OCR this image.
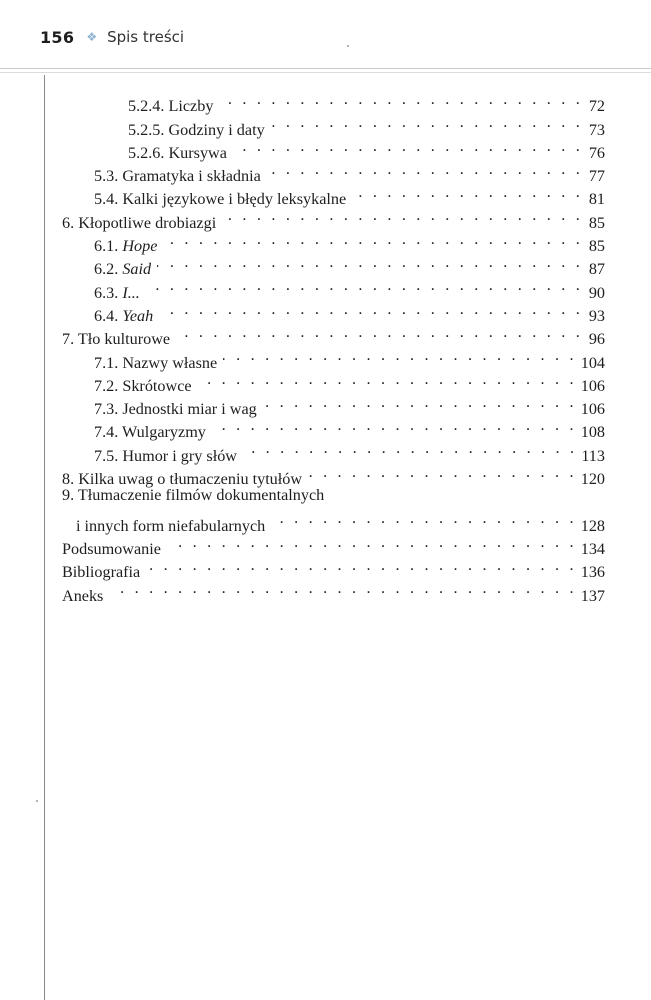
156 ❖ Spis treści
5.2.4. Liczby . . .	72
5.2.5. Godziny i daty . . .	73
5.2.6. Kursywa . . .	76
5.3. Gramatyka i składnia . . .	77
5.4. Kalki językowe i błędy leksykalne . . .	81
6. Kłopotliwe drobiazgi . . .	85
6.1. Hope . . .	85
6.2. Said . . .	87
6.3. I... . . .	90
6.4. Yeah . . .	93
7. Tło kulturowe . . .	96
7.1. Nazwy własne . . .	104
7.2. Skrótowce . . .	106
7.3. Jednostki miar i wag . . .	106
7.4. Wulgaryzmy . . .	108
7.5. Humor i gry słów . . .	113
8. Kilka uwag o tłumaczeniu tytułów . . .	120
9. Tłumaczenie filmów dokumentalnych
i innych form niefabularnych . . .	128
Podsumowanie . . .	134
Bibliografia . . .	136
Aneks . . .	137
